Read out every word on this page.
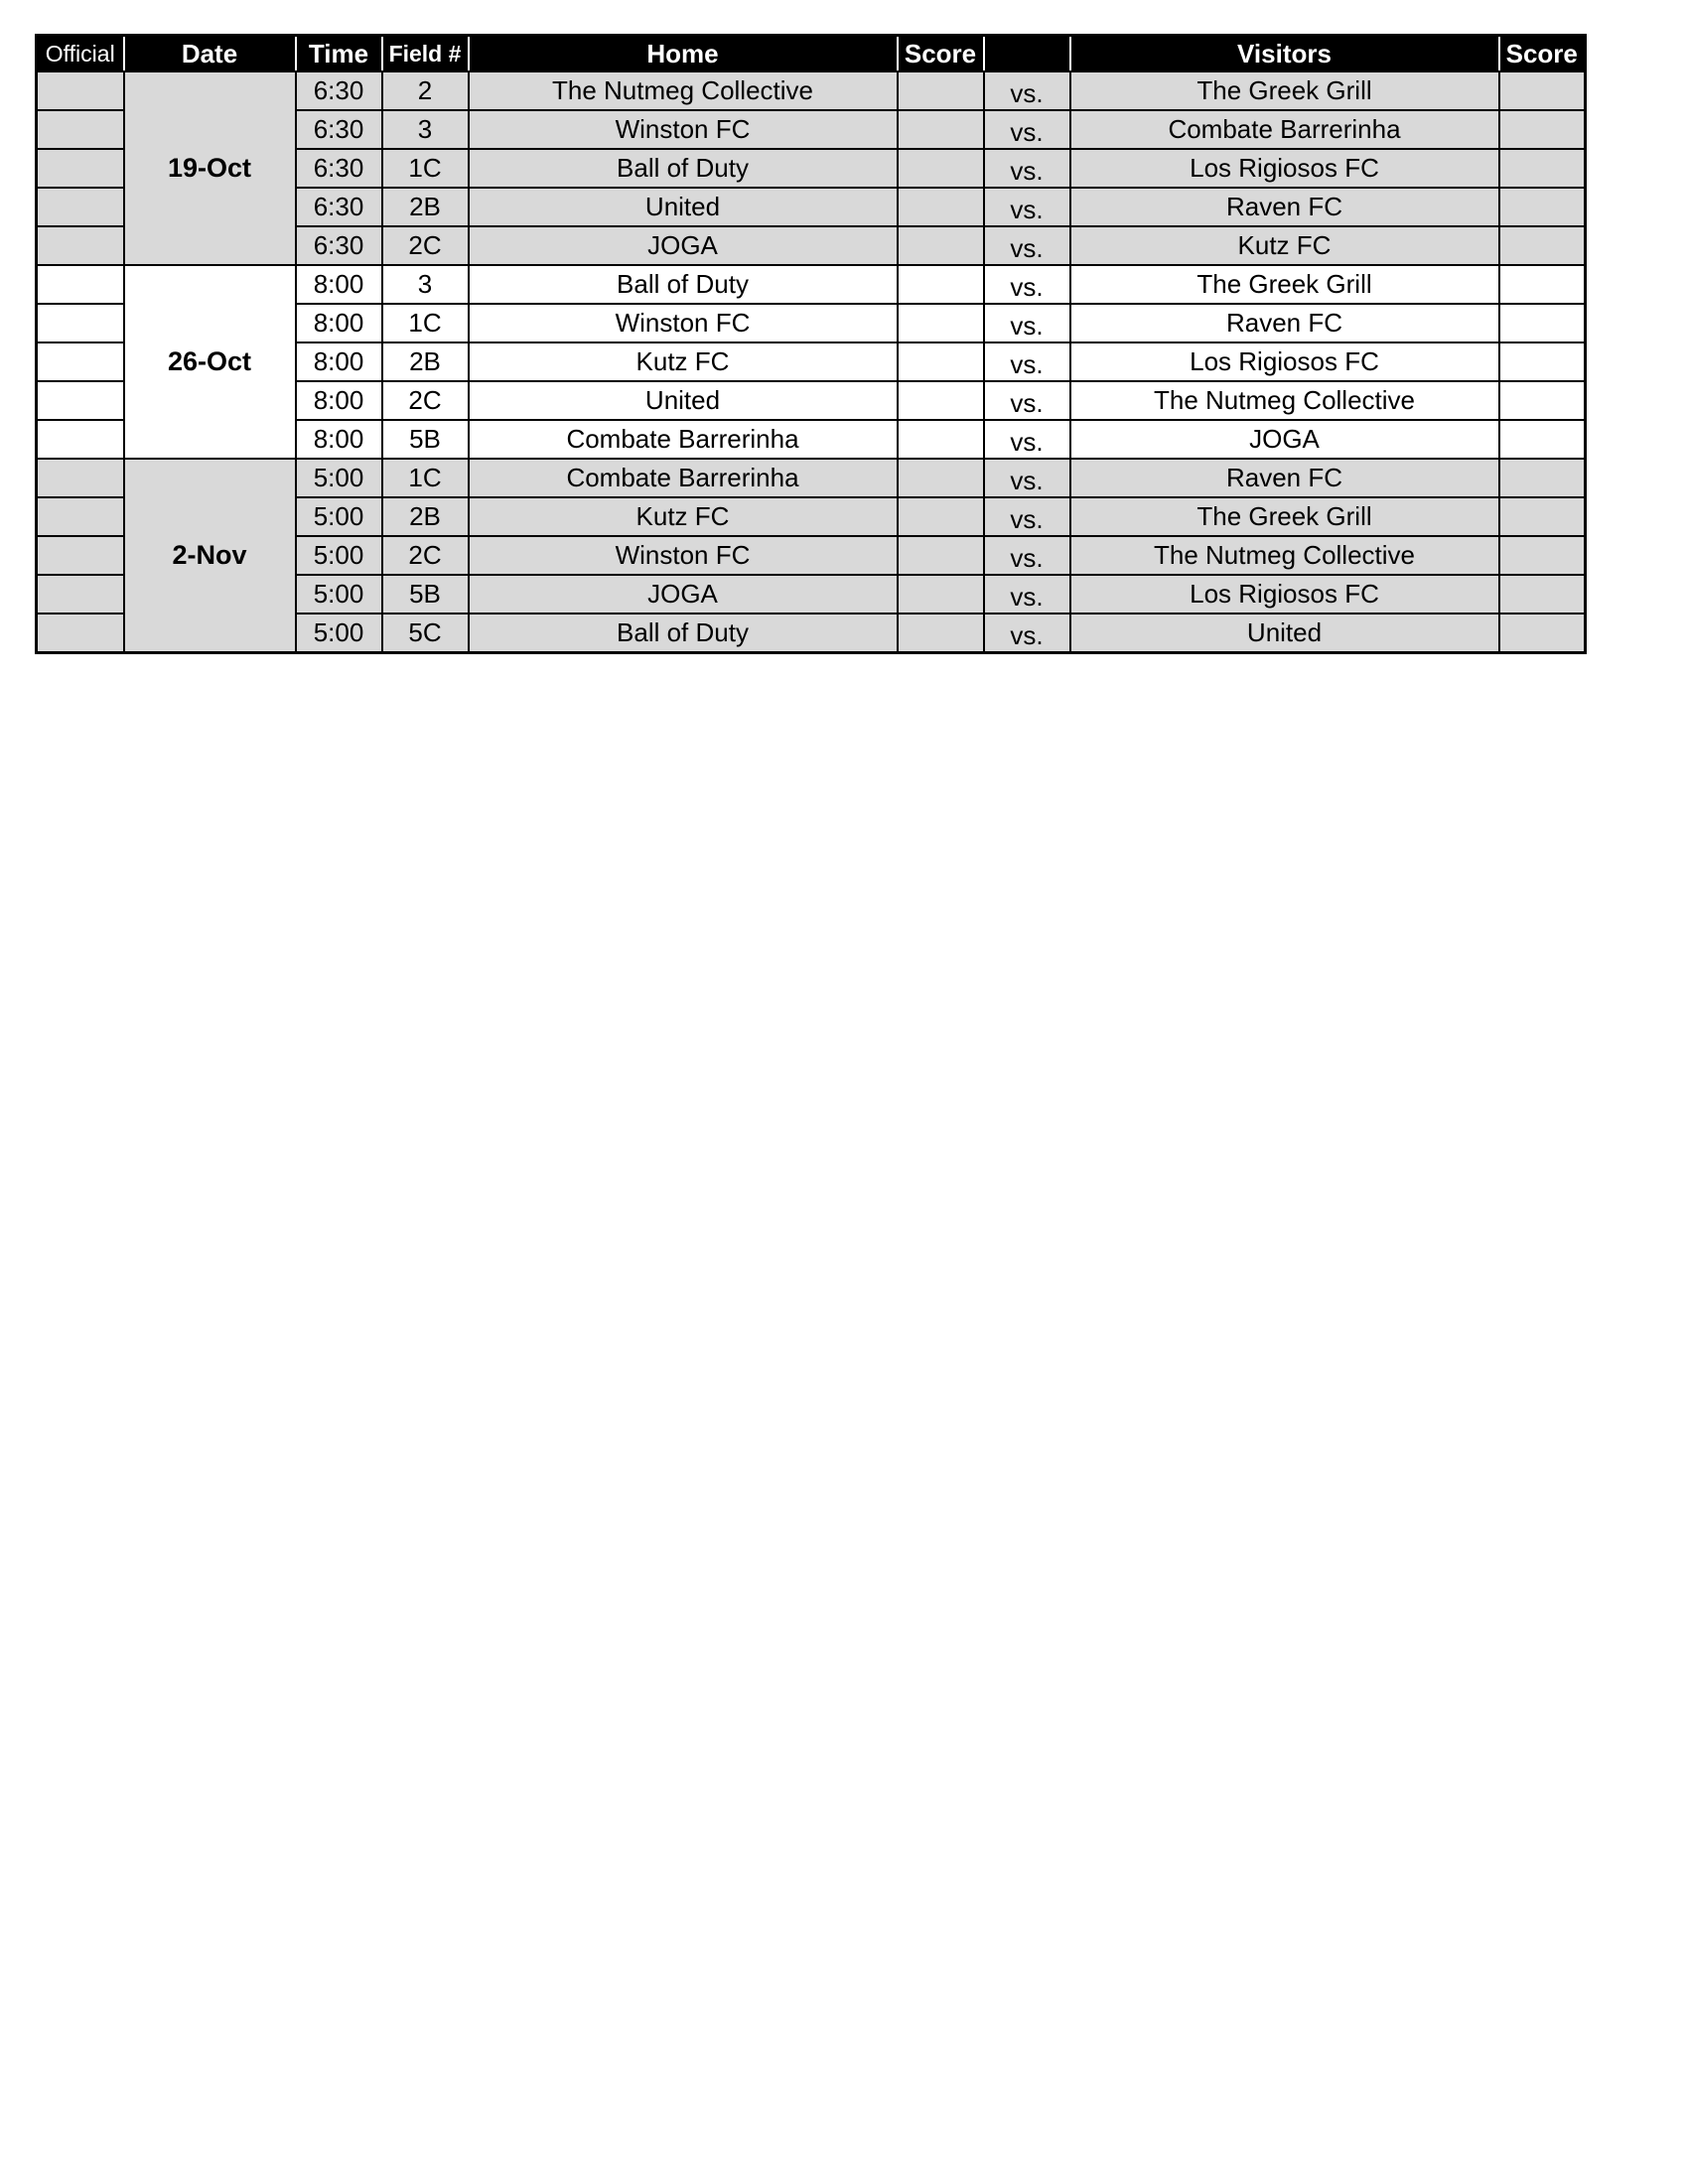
Official	Date	Time	Field #	Home	Score		Visitors	Score
	19-Oct	6:30	2	The Nutmeg Collective		vs.	The Greek Grill	
		6:30	3	Winston FC		vs.	Combate Barrerinha	
		6:30	1C	Ball of Duty		vs.	Los Rigiosos FC	
		6:30	2B	United		vs.	Raven FC	
		6:30	2C	JOGA		vs.	Kutz FC	
	26-Oct	8:00	3	Ball of Duty		vs.	The Greek Grill	
		8:00	1C	Winston FC		vs.	Raven FC	
		8:00	2B	Kutz FC		vs.	Los Rigiosos FC	
		8:00	2C	United		vs.	The Nutmeg Collective	
		8:00	5B	Combate Barrerinha		vs.	JOGA	
	2-Nov	5:00	1C	Combate Barrerinha		vs.	Raven FC	
		5:00	2B	Kutz FC		vs.	The Greek Grill	
		5:00	2C	Winston FC		vs.	The Nutmeg Collective	
		5:00	5B	JOGA		vs.	Los Rigiosos FC	
		5:00	5C	Ball of Duty		vs.	United	
